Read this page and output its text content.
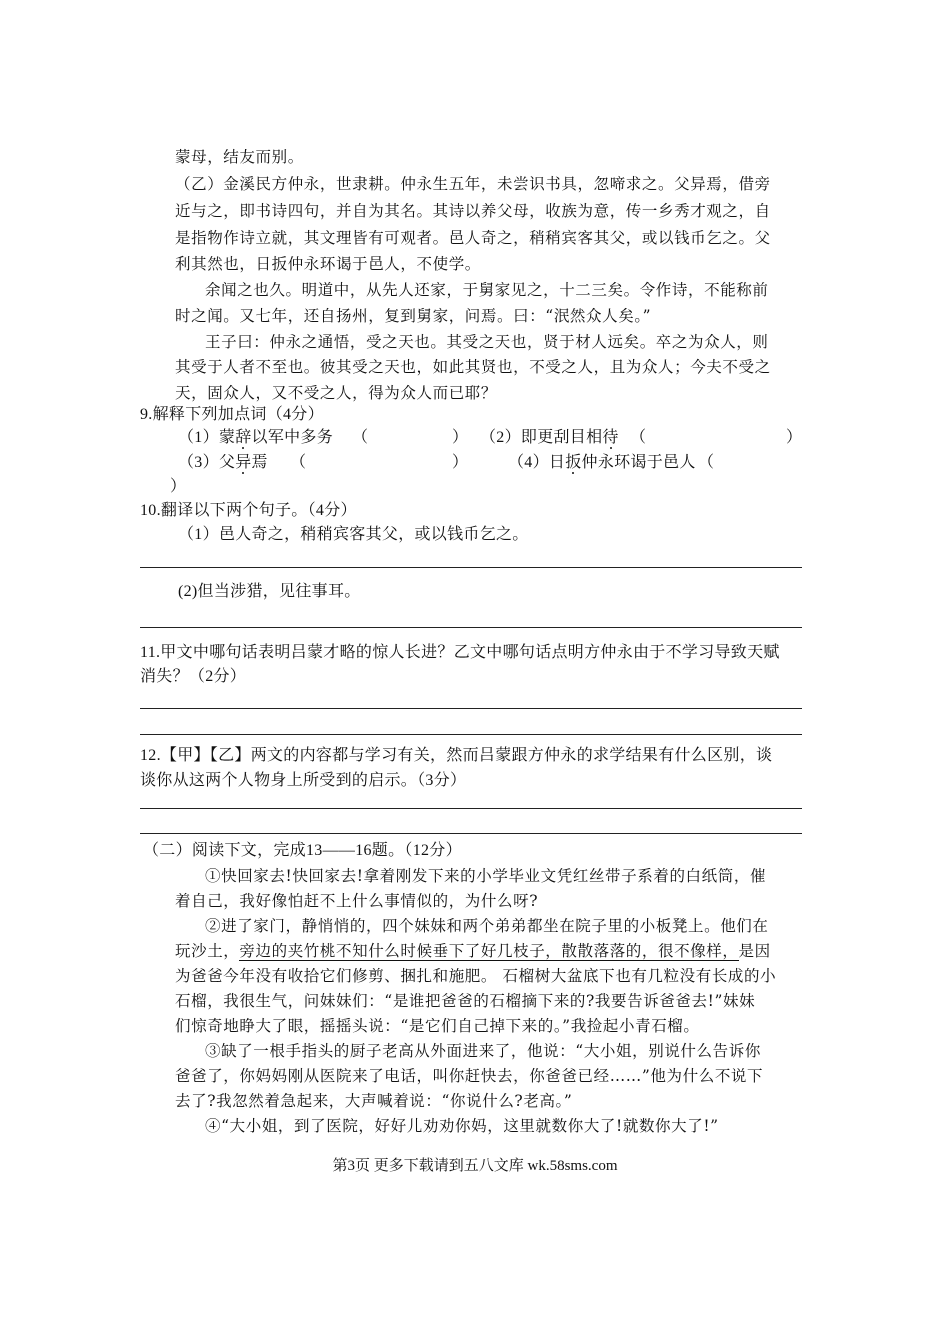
蒙母，结友而别。
（乙）金溪民方仲永，世隶耕。仲永生五年，未尝识书具，忽啼求之。父异焉，借旁
近与之，即书诗四句，并自为其名。其诗以养父母，收族为意，传一乡秀才观之，自
是指物作诗立就，其文理皆有可观者。邑人奇之，稍稍宾客其父，或以钱币乞之。父
利其然也，日扳仲永环谒于邑人，不使学。
余闻之也久。明道中，从先人还家，于舅家见之，十二三矣。令作诗，不能称前
时之闻。又七年，还自扬州，复到舅家，问焉。曰：“泯然众人矣。”
王子曰：仲永之通悟，受之天也。其受之天也，贤于材人远矣。卒之为众人，则
其受于人者不至也。彼其受之天也，如此其贤也，不受之人，且为众人；今夫不受之
天，固众人，又不受之人，得为众人而已耶？
9.解释下列加点词（4分）
（1）蒙辞以军中多务 （	） （2）即更刮目相待 （	）
（3）父异焉 （	） （4）日扳仲永环谒于邑人 （
）
10.翻译以下两个句子。（4分）
（1）邑人奇之，稍稍宾客其父，或以钱币乞之。
(2)但当涉猎，见往事耳。
11.甲文中哪句话表明吕蒙才略的惊人长进？乙文中哪句话点明方仲永由于不学习导致天赋
消失？（2分）
12.【甲】【乙】两文的内容都与学习有关，然而吕蒙跟方仲永的求学结果有什么区别，谈
谈你从这两个人物身上所受到的启示。（3分）
（二）阅读下文，完成13——16题。（12分）
①快回家去!快回家去!拿着刚发下来的小学毕业文凭红丝带子系着的白纸筒，催
着自己，我好像怕赶不上什么事情似的，为什么呀?
②进了家门，静悄悄的，四个妹妹和两个弟弟都坐在院子里的小板凳上。他们在
玩沙土，旁边的夹竹桃不知什么时候垂下了好几枝子，散散落落的，很不像样，是因
为爸爸今年没有收拾它们修剪、捆扎和施肥。 石榴树大盆底下也有几粒没有长成的小
石榴，我很生气，问妹妹们：“是谁把爸爸的石榴摘下来的?我要告诉爸爸去!”妹妹
们惊奇地睁大了眼，摇摇头说：“是它们自己掉下来的。”我捡起小青石榴。
③缺了一根手指头的厨子老高从外面进来了，他说：“大小姐，别说什么告诉你
爸爸了，你妈妈刚从医院来了电话，叫你赶快去，你爸爸已经……”他为什么不说下
去了?我忽然着急起来，大声喊着说：“你说什么?老高。”
④“大小姐，到了医院，好好儿劝劝你妈，这里就数你大了!就数你大了!”
第3页 更多下载请到五八文库 wk.58sms.com
